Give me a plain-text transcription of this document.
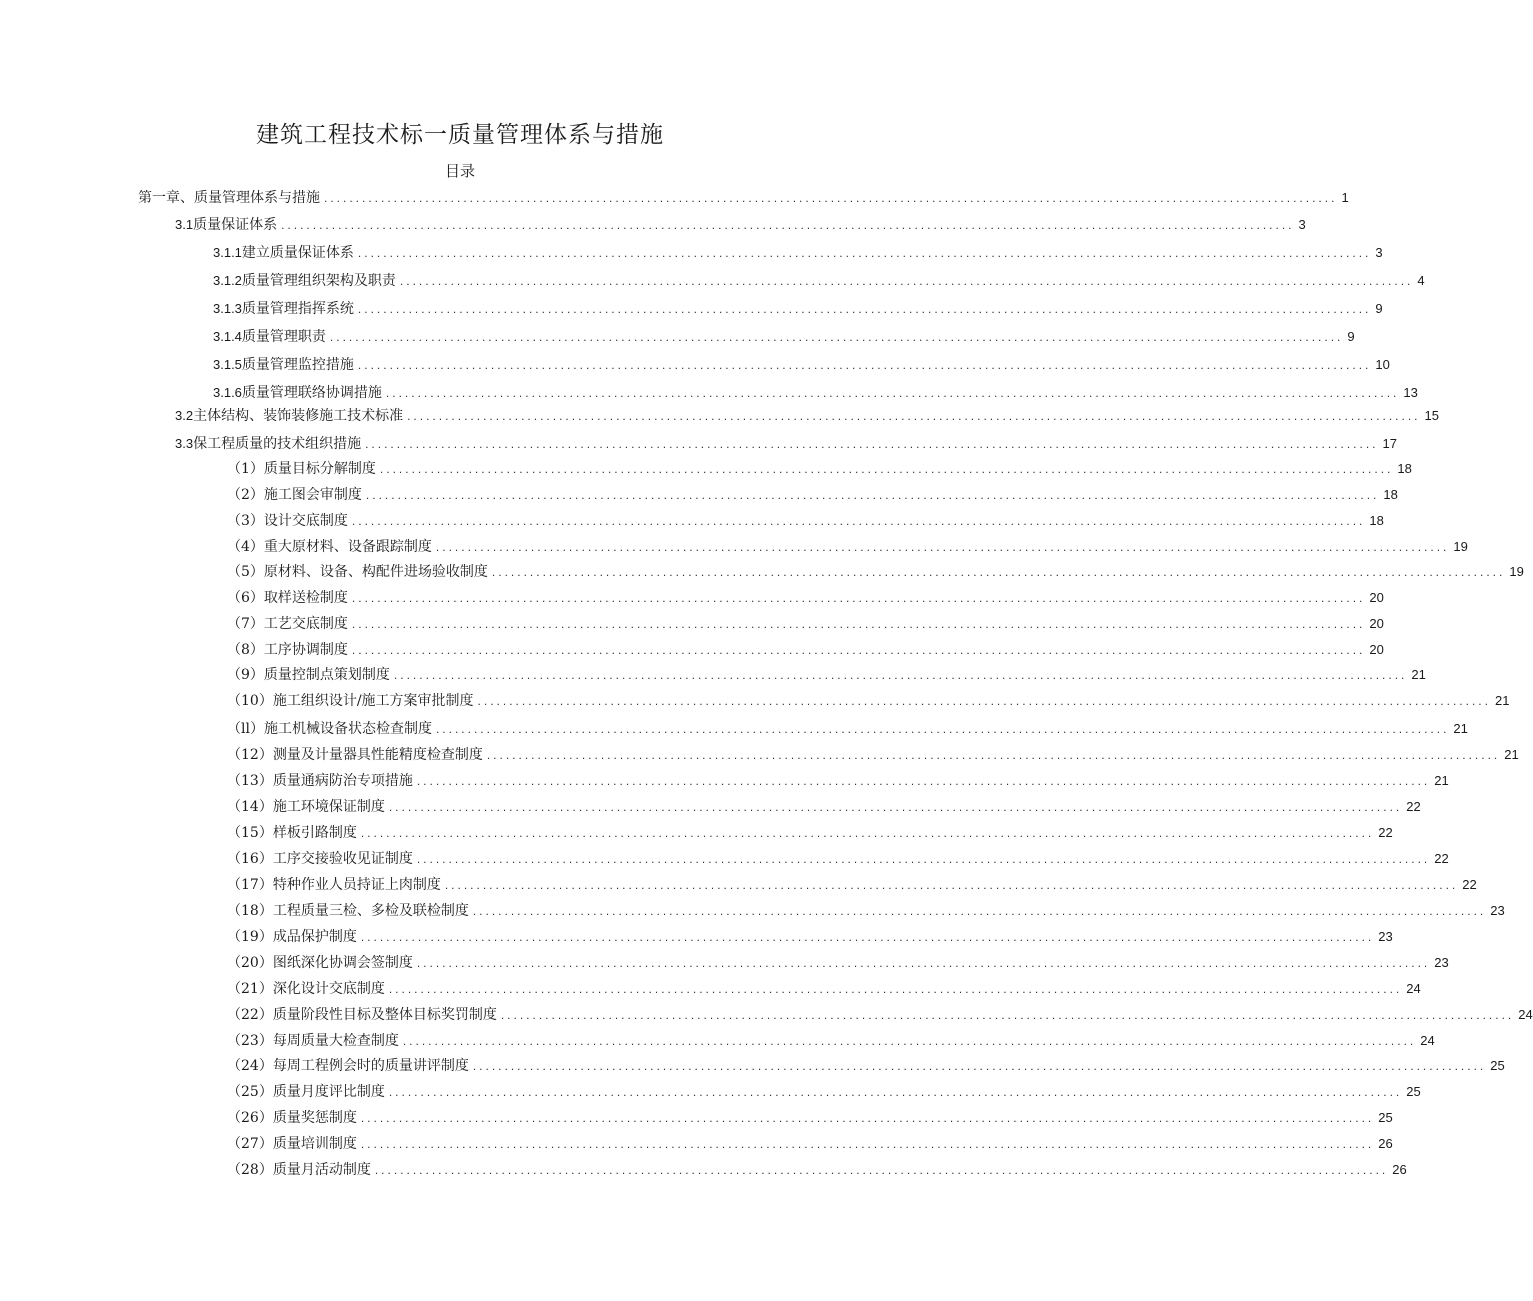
建筑工程技术标一质量管理体系与措施
目录
第一章、质量管理体系与措施 ................................................................................................................................................................ 1
3.1 质量保证体系 ................................................................................................................................................................ 3
3.1.1 建立质量保证体系 ................................................................................................................................................................ 3
3.1.2 质量管理组织架构及职责 ................................................................................................................................................................ 4
3.1.3 质量管理指挥系统 ................................................................................................................................................................ 9
3.1.4 质量管理职责 ................................................................................................................................................................ 9
3.1.5 质量管理监控措施 ................................................................................................................................................................ 10
3.1.6 质量管理联络协调措施 ................................................................................................................................................................ 13
3.2 主体结构、装饰装修施工技术标准 ................................................................................................................................................................ 15
3.3 保工程质量的技术组织措施 ................................................................................................................................................................ 17
（1）质量目标分解制度 ................................................................................................................................................................ 18
（2）施工图会审制度 ................................................................................................................................................................ 18
（3）设计交底制度 ................................................................................................................................................................ 18
（4）重大原材料、设备跟踪制度 ................................................................................................................................................................ 19
（5）原材料、设备、构配件进场验收制度 ................................................................................................................................................................ 19
（6）取样送检制度 ................................................................................................................................................................ 20
（7）工艺交底制度 ................................................................................................................................................................ 20
（8）工序协调制度 ................................................................................................................................................................ 20
（9）质量控制点策划制度 ................................................................................................................................................................ 21
（10）施工组织设计/施工方案审批制度 ................................................................................................................................................................ 21
（ll）施工机械设备状态检查制度 ................................................................................................................................................................ 21
（12）测量及计量器具性能精度检查制度 ................................................................................................................................................................ 21
（13）质量通病防治专项措施 ................................................................................................................................................................ 21
（14）施工环境保证制度 ................................................................................................................................................................ 22
（15）样板引路制度 ................................................................................................................................................................ 22
（16）工序交接验收见证制度 ................................................................................................................................................................ 22
（17）特种作业人员持证上肉制度 ................................................................................................................................................................ 22
（18）工程质量三检、多检及联检制度 ................................................................................................................................................................ 23
（19）成品保护制度 ................................................................................................................................................................ 23
（20）图纸深化协调会签制度 ................................................................................................................................................................ 23
（21）深化设计交底制度 ................................................................................................................................................................ 24
（22）质量阶段性目标及整体目标奖罚制度 ................................................................................................................................................................ 24
（23）每周质量大检查制度 ................................................................................................................................................................ 24
（24）每周工程例会时的质量讲评制度 ................................................................................................................................................................ 25
（25）质量月度评比制度 ................................................................................................................................................................ 25
（26）质量奖惩制度 ................................................................................................................................................................ 25
（27）质量培训制度 ................................................................................................................................................................ 26
（28）质量月活动制度 ................................................................................................................................................................ 26
